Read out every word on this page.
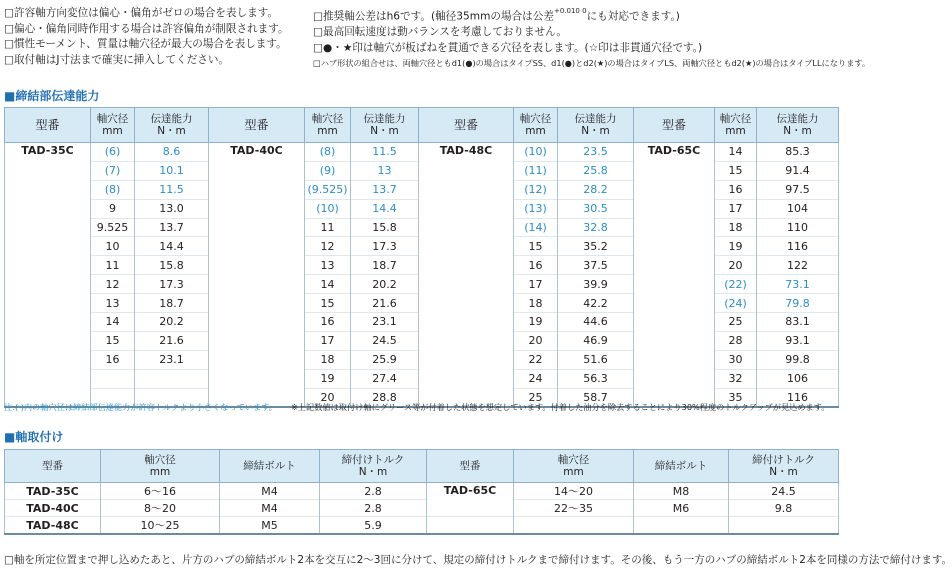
□許容軸方向変位は偏心・偏角がゼロの場合を表します。
□偏心・偏角同時作用する場合は許容偏角が制限されます。
□慣性モーメント、質量は軸穴径が最大の場合を表します。
□取付軸はJ寸法まで確実に挿入してください。
□推奨軸公差はh6です。(軸径35mmの場合は公差$^{+0.010 0}$にも対応できます。)
□最高回転速度は動バランスを考慮しておりません。
□●・★印は軸穴が板ばねを貫通できる穴径を表します。(☆印は非貫通穴径です。)
□ハブ形状の組合せは、両軸穴径ともd1(●)の場合はタイプSS、d1(●)とd2(★)の場合はタイプLS、両軸穴径ともd2(★)の場合はタイプLLになります。
■締結部伝達能力
型番	軸穴径
mm	伝達能力
N・m	型番	軸穴径
mm	伝達能力
N・m	型番	軸穴径
mm	伝達能力
N・m	型番	軸穴径
mm	伝達能力
N・m
TAD-35C	(6)	8.6	TAD-40C	(8)	11.5	TAD-48C	(10)	23.5	TAD-65C	14	85.3
	(7)	10.1		(9)	13		(11)	25.8		15	91.4
	(8)	11.5		(9.525)	13.7		(12)	28.2		16	97.5
	9	13.0		(10)	14.4		(13)	30.5		17	104
	9.525	13.7		11	15.8		(14)	32.8		18	110
	10	14.4		12	17.3		15	35.2		19	116
	11	15.8		13	18.7		16	37.5		20	122
	12	17.3		14	20.2		17	39.9		(22)	73.1
	13	18.7		15	21.6		18	42.2		(24)	79.8
	14	20.2		16	23.1		19	44.6		25	83.1
	15	21.6		17	24.5		20	46.9		28	93.1
	16	23.1		18	25.9		22	51.6		30	99.8
				19	27.4		24	56.3		32	106
				20	28.8		25	58.7		35	116
注:( )内の軸穴径は締結部伝達能力が許容トルクより小さくなっています。 ※上記数値は取付け軸にグリース等が付着した状態を想定しています。付着した油分を除去することにより30%程度のトルクアップが見込めます。
■軸取付け
型番	軸穴径
mm	締結ボルト	締付けトルク
N・m	型番	軸穴径
mm	締結ボルト	締付けトルク
N・m
TAD-35C	6〜16	M4	2.8	TAD-65C	14〜20	M8	24.5
TAD-40C	8〜20	M4	2.8		22〜35	M6	9.8
TAD-48C	10〜25	M5	5.9				
□軸を所定位置まで押し込めたあと、片方のハブの締結ボルト2本を交互に2〜3回に分けて、規定の締付けトルクまで締付けます。その後、もう一方のハブの締結ボルト2本を同様の方法で締付けます。
